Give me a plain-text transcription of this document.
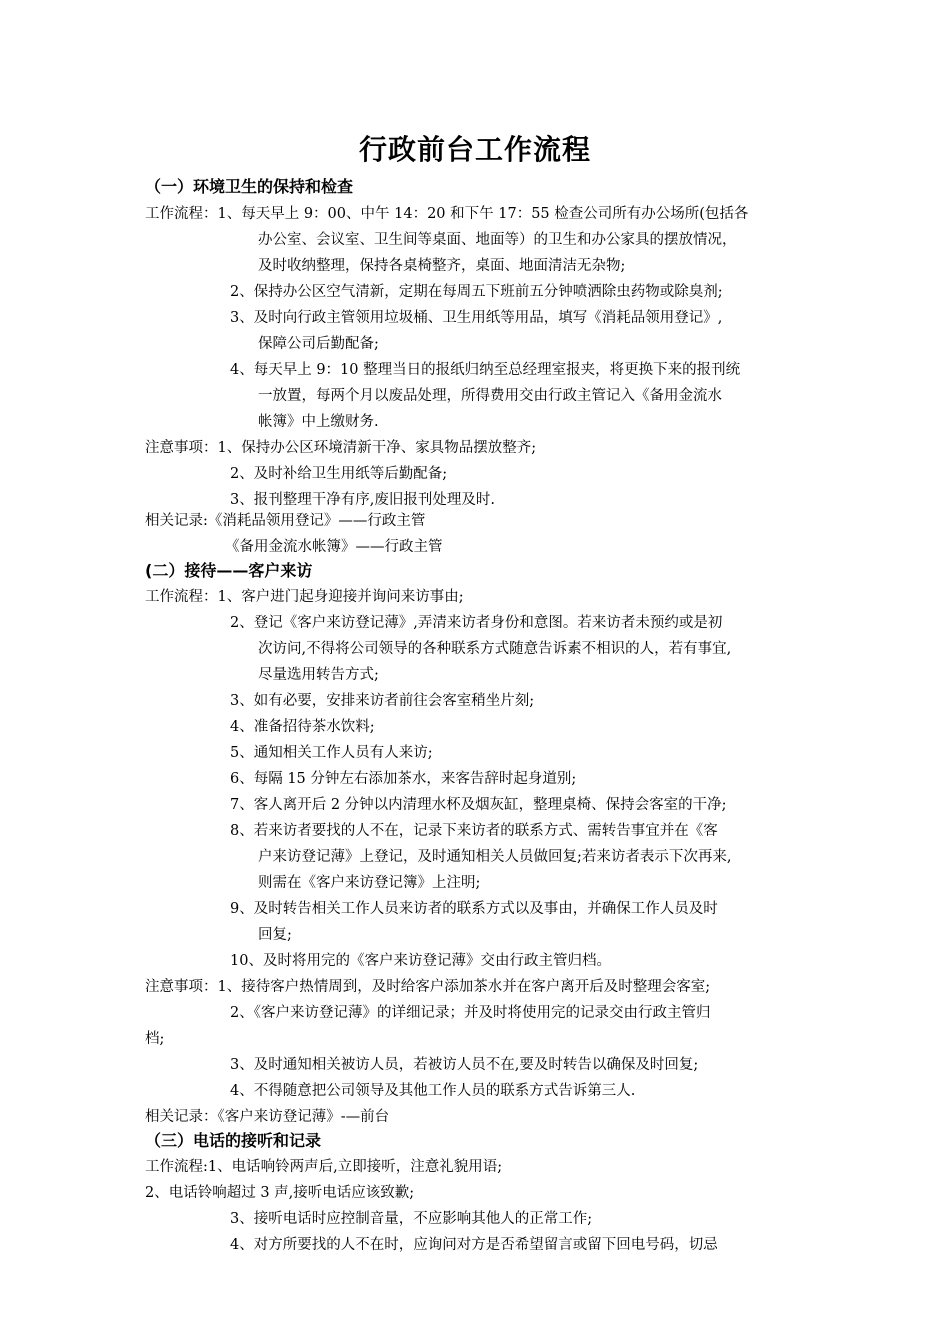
行政前台工作流程
（一）环境卫生的保持和检查
工作流程：1、每天早上 9：00、中午 14：20 和下午 17：55 检查公司所有办公场所(包括各
办公室、会议室、卫生间等桌面、地面等）的卫生和办公家具的摆放情况，
及时收纳整理，保持各桌椅整齐，桌面、地面清洁无杂物;
2、保持办公区空气清新，定期在每周五下班前五分钟喷洒除虫药物或除臭剂;
3、及时向行政主管领用垃圾桶、卫生用纸等用品，填写《消耗品领用登记》,
保障公司后勤配备;
4、每天早上 9：10 整理当日的报纸归纳至总经理室报夹，将更换下来的报刊统
一放置，每两个月以废品处理，所得费用交由行政主管记入《备用金流水
帐簿》中上缴财务.
注意事项：1、保持办公区环境清新干净、家具物品摆放整齐;
2、及时补给卫生用纸等后勤配备;
3、报刊整理干净有序,废旧报刊处理及时.
相关记录:《消耗品领用登记》——行政主管
《备用金流水帐簿》——行政主管
(二）接待——客户来访
工作流程：1、客户进门起身迎接并询问来访事由;
2、登记《客户来访登记薄》,弄清来访者身份和意图。若来访者未预约或是初
次访问,不得将公司领导的各种联系方式随意告诉素不相识的人，若有事宜,
尽量选用转告方式;
3、如有必要，安排来访者前往会客室稍坐片刻;
4、准备招待茶水饮料;
5、通知相关工作人员有人来访;
6、每隔 15 分钟左右添加茶水，来客告辞时起身道别;
7、客人离开后 2 分钟以内清理水杯及烟灰缸，整理桌椅、保持会客室的干净;
8、若来访者要找的人不在，记录下来访者的联系方式、需转告事宜并在《客
户来访登记薄》上登记，及时通知相关人员做回复;若来访者表示下次再来,
则需在《客户来访登记簿》上注明;
9、及时转告相关工作人员来访者的联系方式以及事由，并确保工作人员及时
回复;
10、及时将用完的《客户来访登记薄》交由行政主管归档。
注意事项：1、接待客户热情周到，及时给客户添加茶水并在客户离开后及时整理会客室;
2、《客户来访登记薄》的详细记录；并及时将使用完的记录交由行政主管归
档;
3、及时通知相关被访人员，若被访人员不在,要及时转告以确保及时回复;
4、不得随意把公司领导及其他工作人员的联系方式告诉第三人.
相关记录：《客户来访登记薄》-—前台
（三）电话的接听和记录
工作流程:1、电话响铃两声后,立即接听，注意礼貌用语;
2、电话铃响超过 3 声,接听电话应该致歉;
3、接听电话时应控制音量，不应影响其他人的正常工作;
4、对方所要找的人不在时，应询问对方是否希望留言或留下回电号码，切忌
